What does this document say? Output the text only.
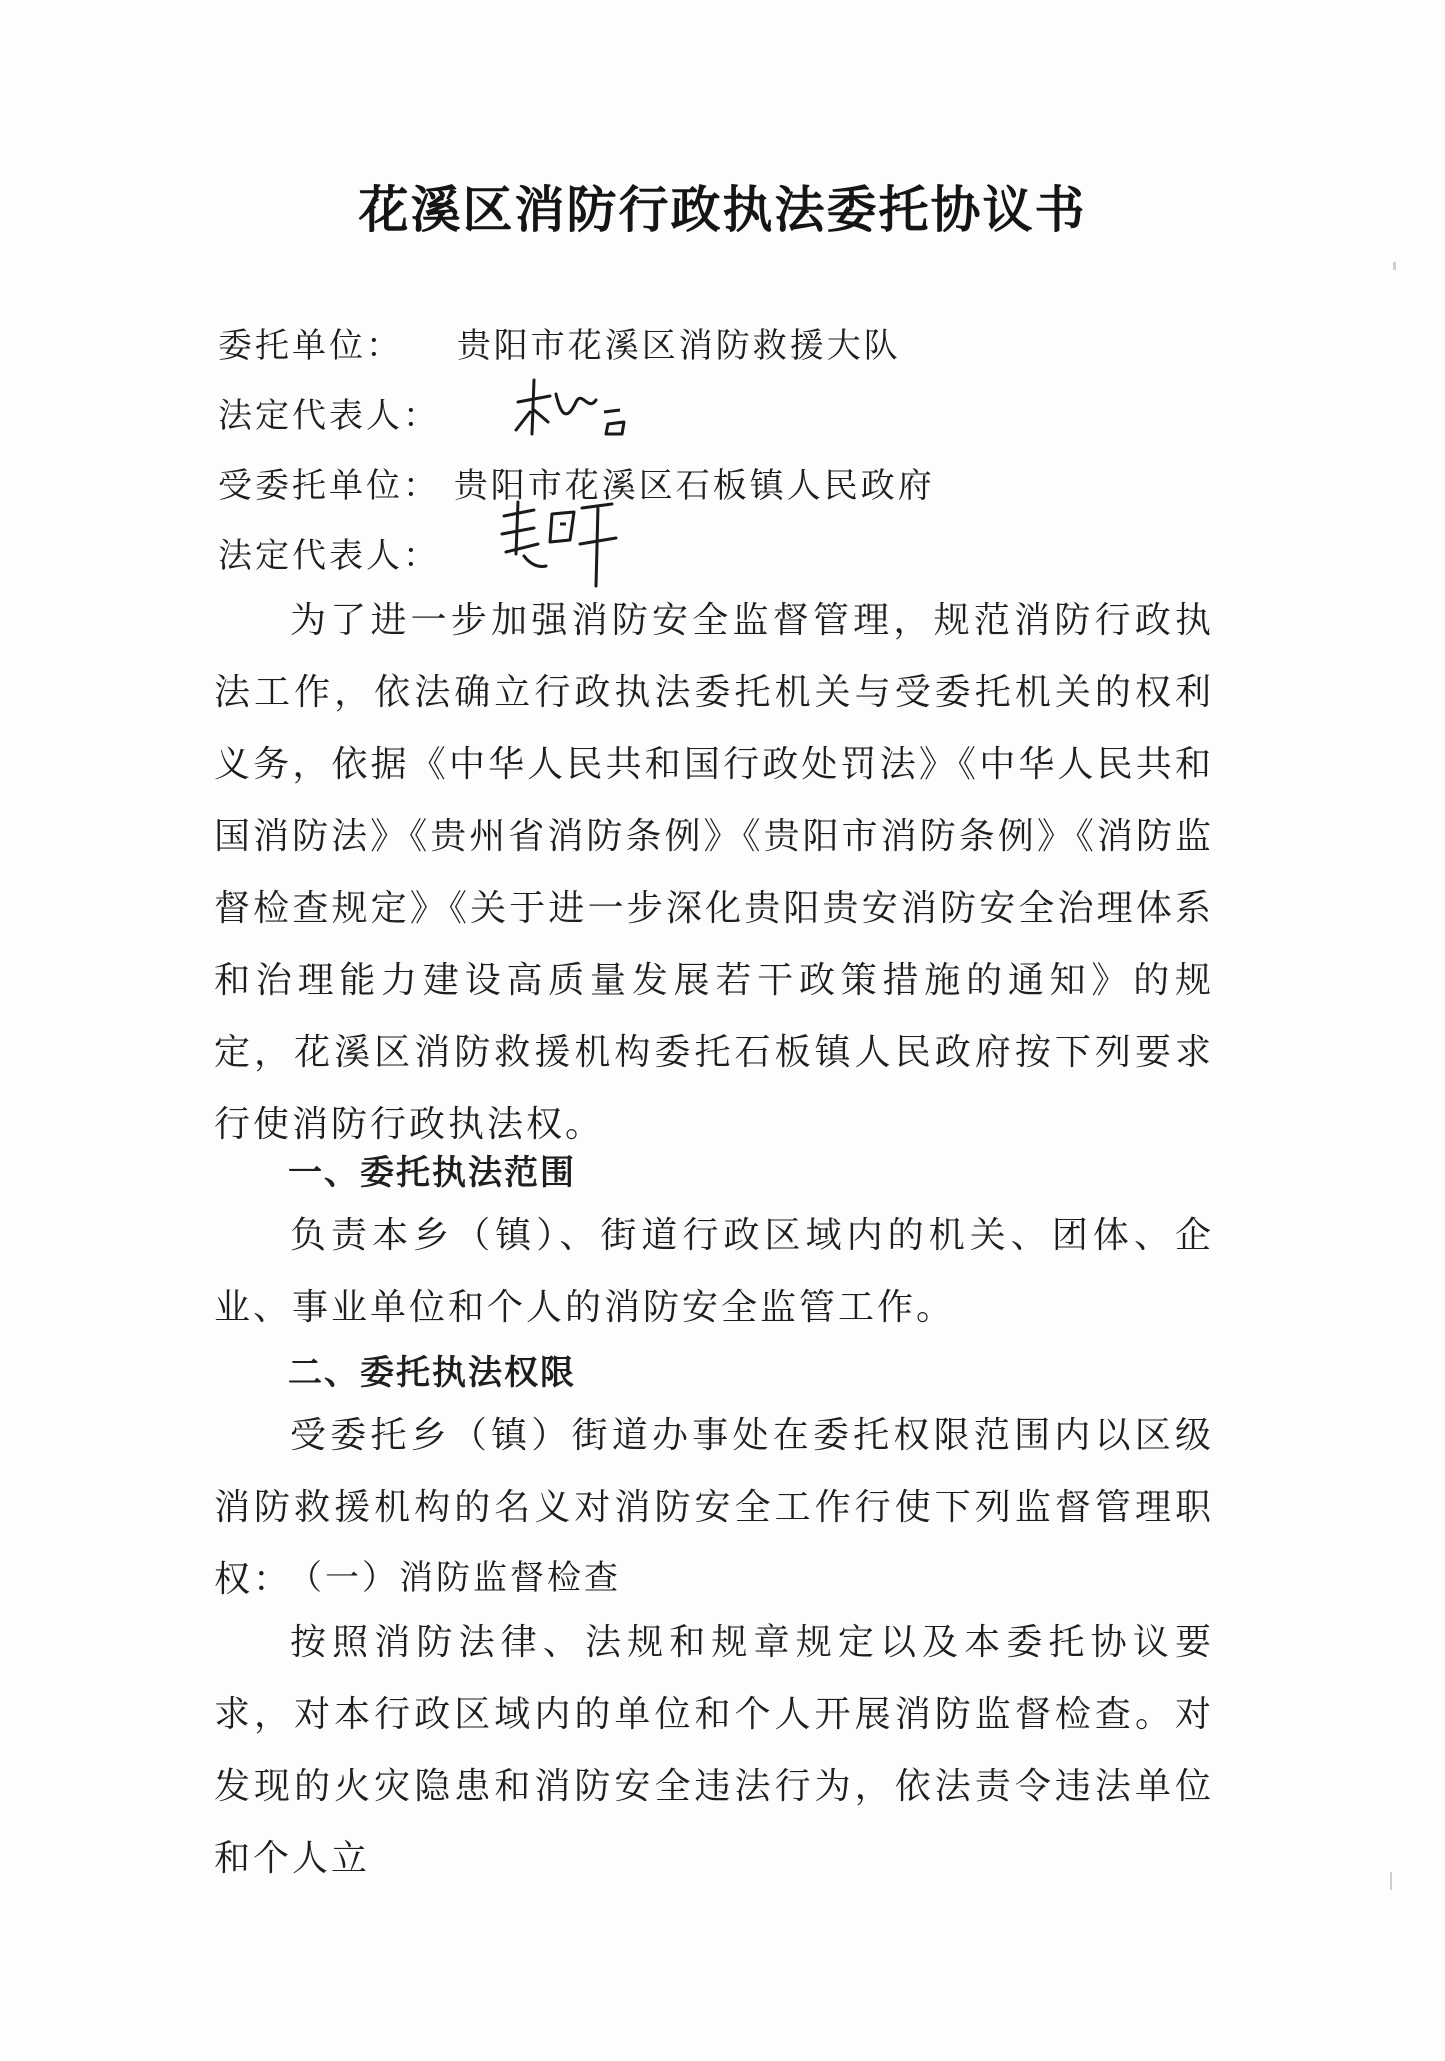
花溪区消防行政执法委托协议书
委托单位： 贵阳市花溪区消防救援大队
法定代表人：
受委托单位： 贵阳市花溪区石板镇人民政府
法定代表人：

为了进一步加强消防安全监督管理，规范消防行政执法工作，依法确立行政执法委托机关与受委托机关的权利义务，依据《中华人民共和国行政处罚法》《中华人民共和国消防法》《贵州省消防条例》《贵阳市消防条例》《消防监督检查规定》《关于进一步深化贵阳贵安消防安全治理体系和治理能力建设高质量发展若干政策措施的通知》的规定，花溪区消防救援机构委托石板镇人民政府按下列要求行使消防行政执法权。

一、委托执法范围

负责本乡（镇）、街道行政区域内的机关、团体、企业、事业单位和个人的消防安全监管工作。

二、委托执法权限

受委托乡（镇）街道办事处在委托权限范围内以区级消防救援机构的名义对消防安全工作行使下列监督管理职权：

（一）消防监督检查

按照消防法律、法规和规章规定以及本委托协议要求，对本行政区域内的单位和个人开展消防监督检查。对发现的火灾隐患和消防安全违法行为，依法责令违法单位和个人立
